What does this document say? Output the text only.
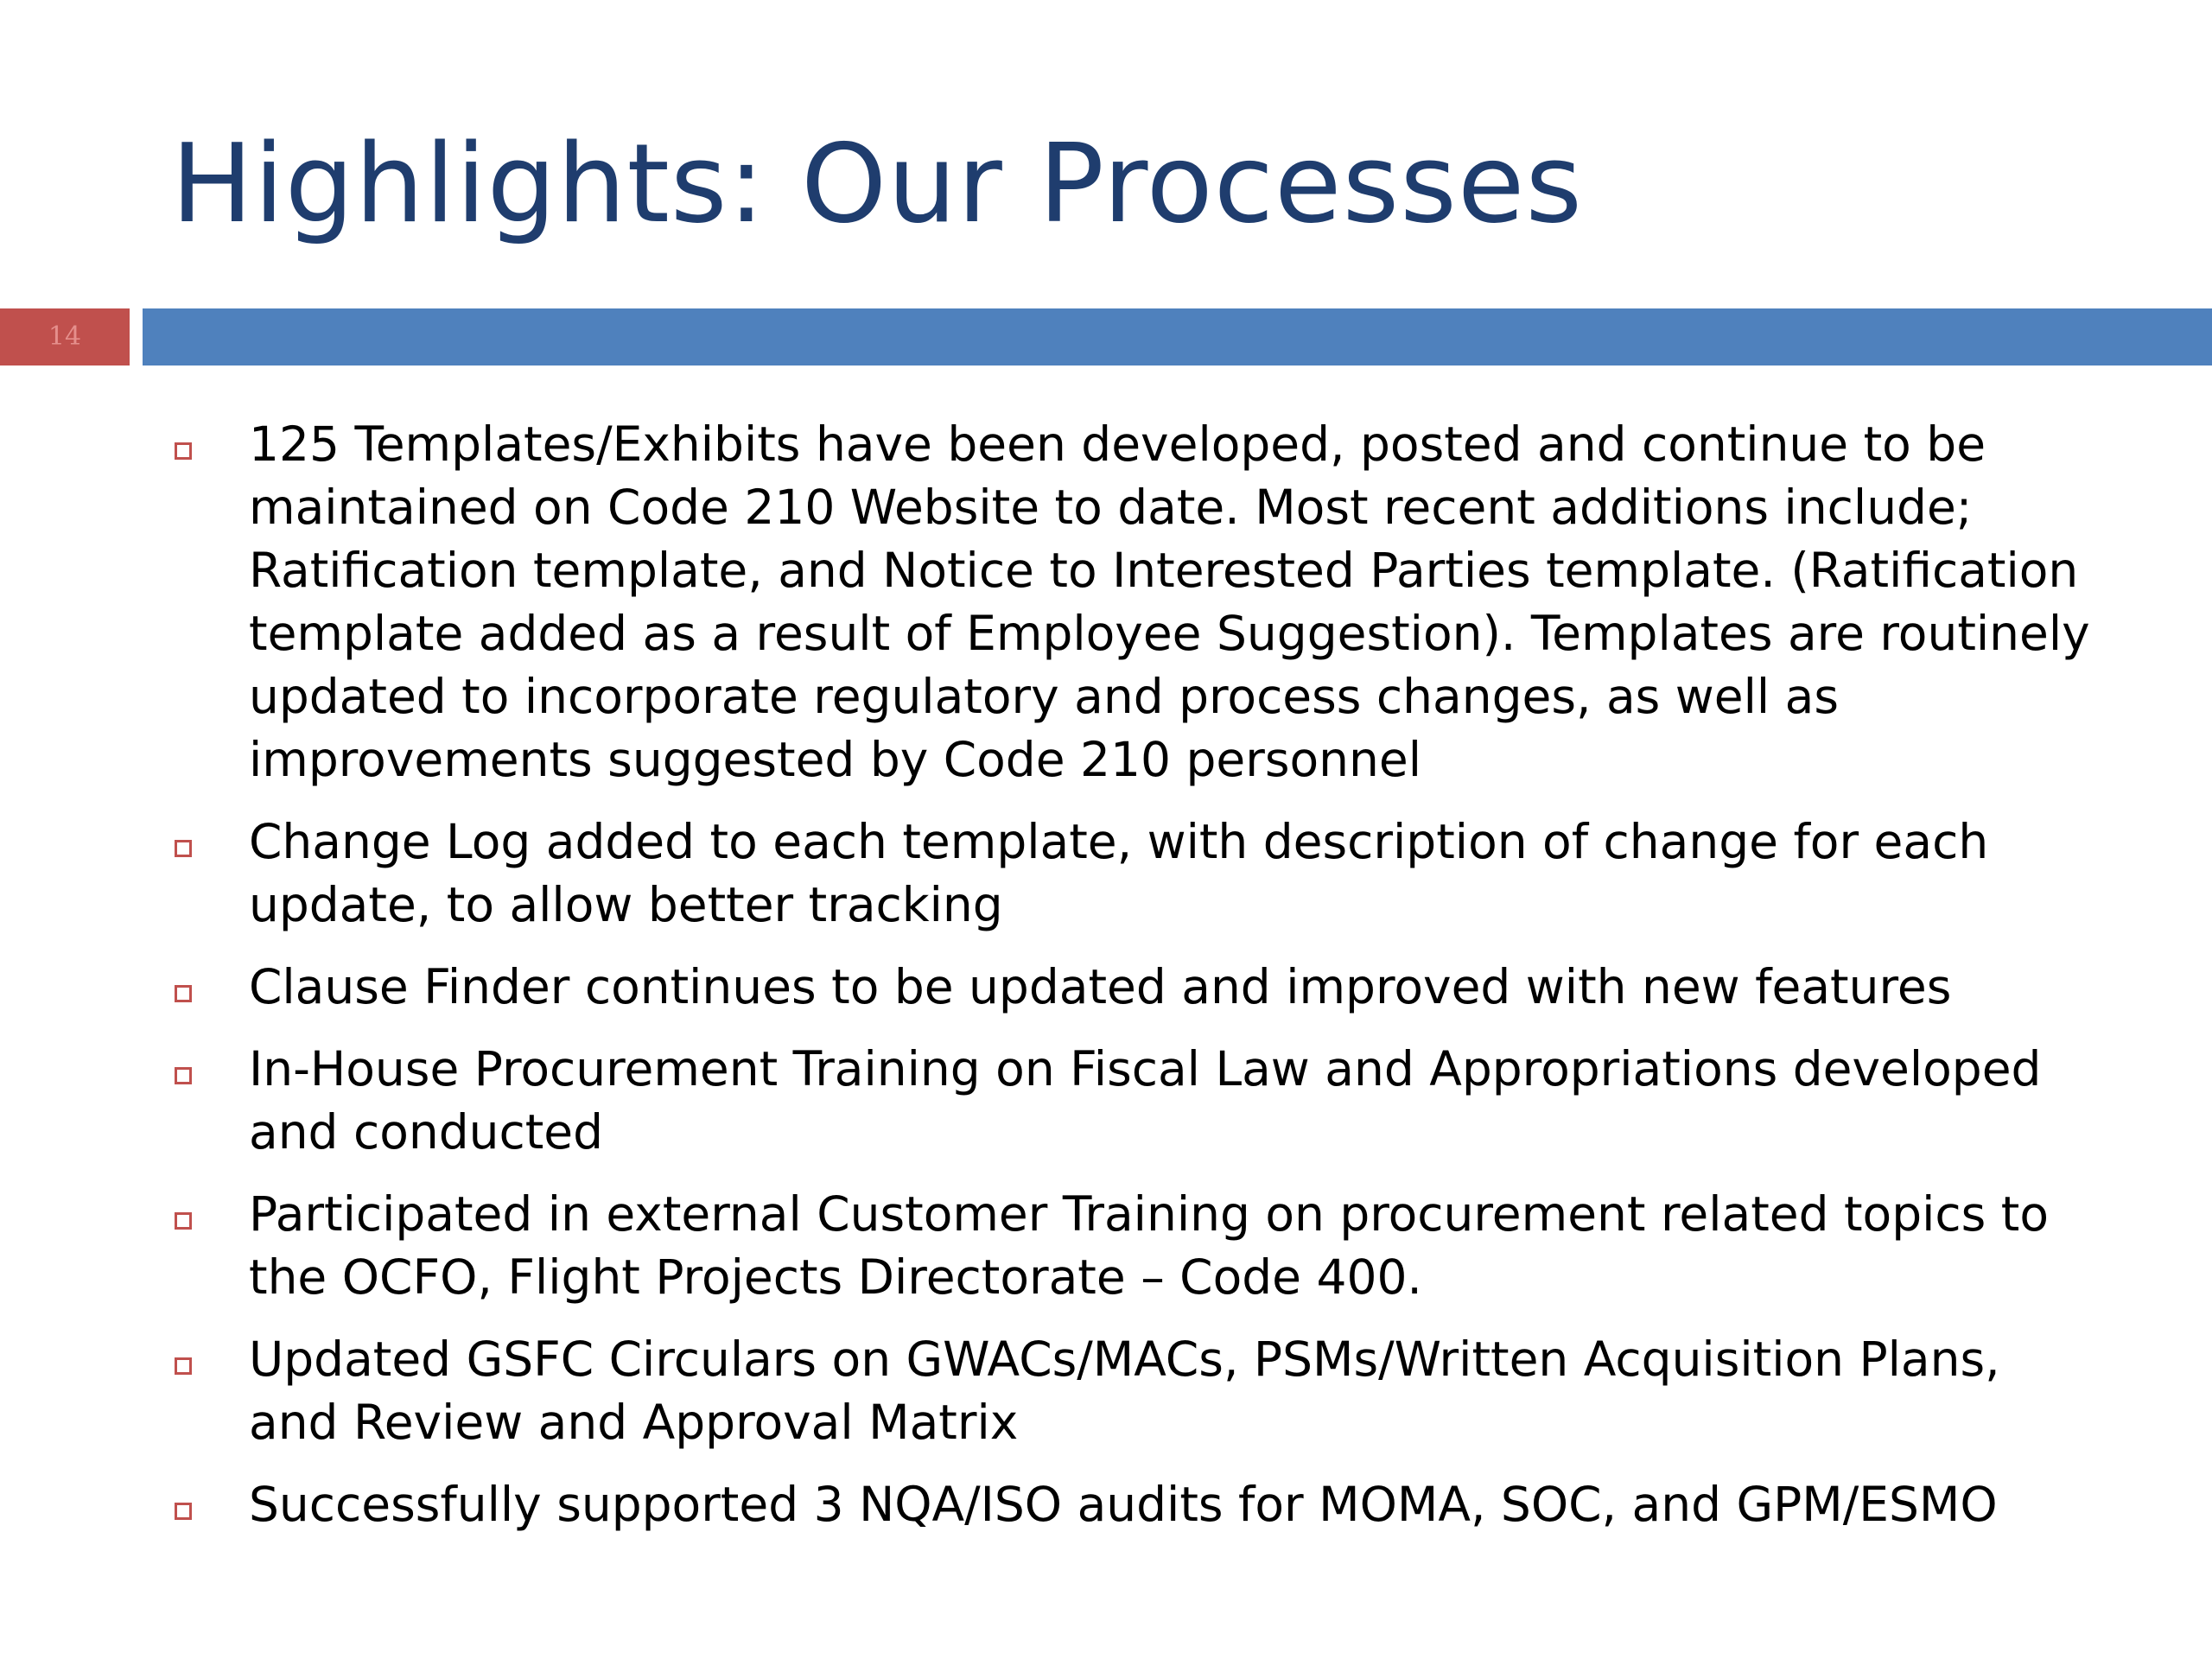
Highlights: Our Processes
14
125 Templates/Exhibits have been developed, posted and continue to be maintained on Code 210 Website to date. Most recent additions include; Ratification template, and Notice to Interested Parties template. (Ratification template added as a result of Employee Suggestion). Templates are routinely updated to incorporate regulatory and process changes, as well as improvements suggested by Code 210 personnel
Change Log added to each template, with description of change for each update, to allow better tracking
Clause Finder continues to be updated and improved with new features
In-House Procurement Training on Fiscal Law and Appropriations developed and conducted
Participated in external Customer Training on procurement related topics to the OCFO, Flight Projects Directorate – Code 400.
Updated GSFC Circulars on GWACs/MACs, PSMs/Written Acquisition Plans, and Review and Approval Matrix
Successfully supported 3 NQA/ISO audits for MOMA, SOC, and GPM/ESMO
